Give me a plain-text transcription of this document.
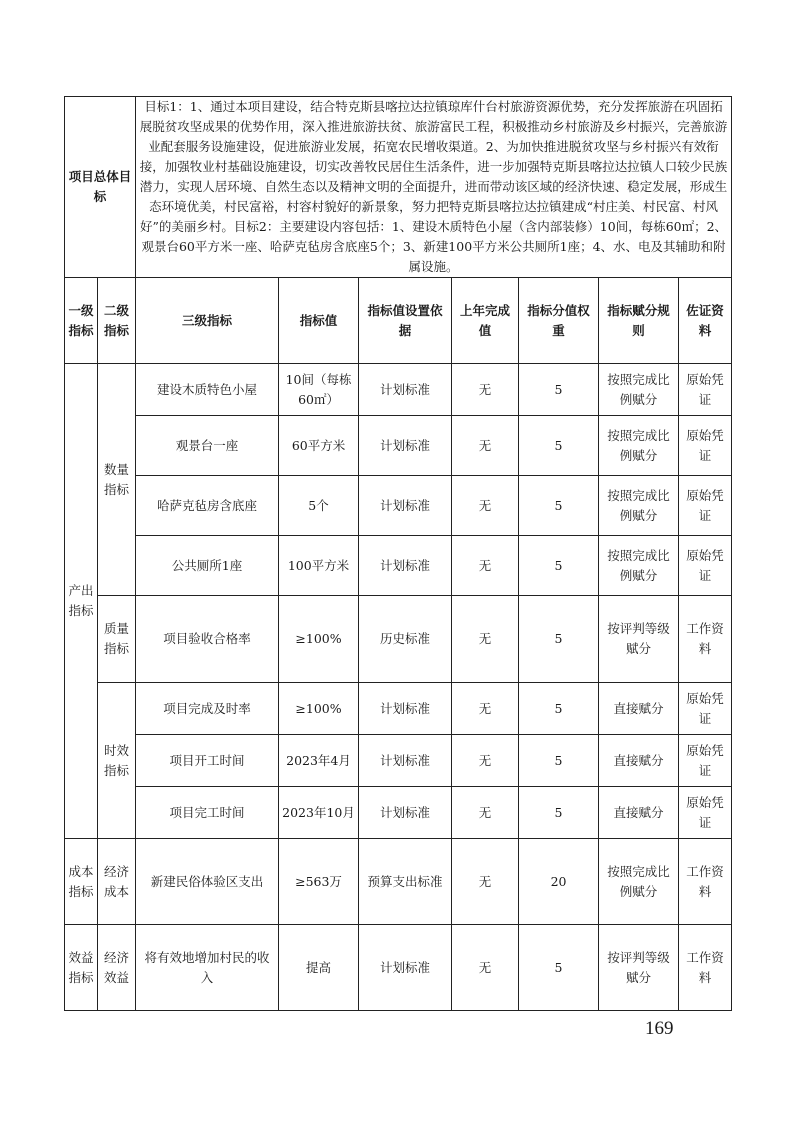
项目总体目标		目标1：1、通过本项目建设，结合特克斯县喀拉达拉镇琼库什台村旅游资源优势，充分发挥旅游在巩固拓展脱贫攻坚成果的优势作用，深入推进旅游扶贫、旅游富民工程，积极推动乡村旅游及乡村振兴，完善旅游业配套服务设施建设，促进旅游业发展，拓宽农民增收渠道。2、为加快推进脱贫攻坚与乡村振兴有效衔接，加强牧业村基础设施建设，切实改善牧民居住生活条件，进一步加强特克斯县喀拉达拉镇人口较少民族潜力，实现人居环境、自然生态以及精神文明的全面提升，进而带动该区域的经济快速、稳定发展，形成生态环境优美，村民富裕，村容村貌好的新景象，努力把特克斯县喀拉达拉镇建成“村庄美、村民富、村风好”的美丽乡村。目标2：主要建设内容包括：1、建设木质特色小屋（含内部装修）10间，每栋60㎡；2、观景台60平方米一座、哈萨克毡房含底座5个；3、新建100平方米公共厕所1座；4、水、电及其辅助和附属设施。						
一级指标	二级指标	三级指标	指标值	指标值设置依据	上年完成值	指标分值权重	指标赋分规则	佐证资料
产出指标	数量指标	建设木质特色小屋	10间（每栋60㎡）	计划标准	无	5	按照完成比例赋分	原始凭证
		观景台一座	60平方米	计划标准	无	5	按照完成比例赋分	原始凭证
		哈萨克毡房含底座	5个	计划标准	无	5	按照完成比例赋分	原始凭证
		公共厕所1座	100平方米	计划标准	无	5	按照完成比例赋分	原始凭证
	质量指标	项目验收合格率	≥100%	历史标准	无	5	按评判等级赋分	工作资料
	时效指标	项目完成及时率	≥100%	计划标准	无	5	直接赋分	原始凭证
		项目开工时间	2023年4月	计划标准	无	5	直接赋分	原始凭证
		项目完工时间	2023年10月	计划标准	无	5	直接赋分	原始凭证
成本指标	经济成本	新建民俗体验区支出	≥563万	预算支出标准	无	20	按照完成比例赋分	工作资料
效益指标	经济效益	将有效地增加村民的收入	提高	计划标准	无	5	按评判等级赋分	工作资料
169
